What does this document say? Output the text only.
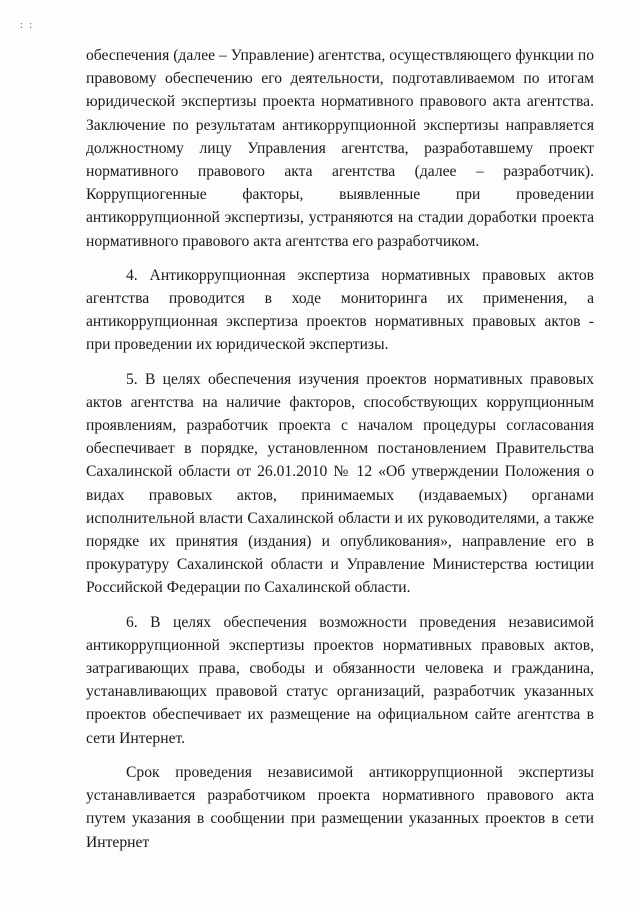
: :

обеспечения (далее – Управление) агентства, осуществляющего функции по правовому обеспечению его деятельности, подготавливаемом по итогам юридической экспертизы проекта нормативного правового акта агентства. Заключение по результатам антикоррупционной экспертизы направляется должностному лицу Управления агентства, разработавшему проект нормативного правового акта агентства (далее – разработчик). Коррупциогенные факторы, выявленные при проведении антикоррупционной экспертизы, устраняются на стадии доработки проекта нормативного правового акта агентства его разработчиком.

4. Антикоррупционная экспертиза нормативных правовых актов агентства проводится в ходе мониторинга их применения, а антикоррупционная экспертиза проектов нормативных правовых актов - при проведении их юридической экспертизы.

5. В целях обеспечения изучения проектов нормативных правовых актов агентства на наличие факторов, способствующих коррупционным проявлениям, разработчик проекта с началом процедуры согласования обеспечивает в порядке, установленном постановлением Правительства Сахалинской области от 26.01.2010 № 12 «Об утверждении Положения о видах правовых актов, принимаемых (издаваемых) органами исполнительной власти Сахалинской области и их руководителями, а также порядке их принятия (издания) и опубликования», направление его в прокуратуру Сахалинской области и Управление Министерства юстиции Российской Федерации по Сахалинской области.

6. В целях обеспечения возможности проведения независимой антикоррупционной экспертизы проектов нормативных правовых актов, затрагивающих права, свободы и обязанности человека и гражданина, устанавливающих правовой статус организаций, разработчик указанных проектов обеспечивает их размещение на официальном сайте агентства в сети Интернет.

Срок проведения независимой антикоррупционной экспертизы устанавливается разработчиком проекта нормативного правового акта путем указания в сообщении при размещении указанных проектов в сети Интернет
